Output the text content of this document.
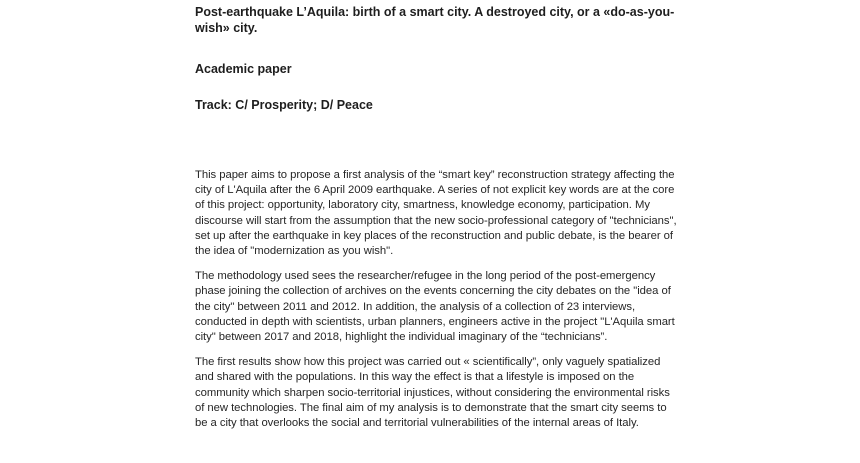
Post-earthquake L’Aquila: birth of a smart city. A destroyed city, or a «do-as-you-wish» city.
Academic paper
Track: C/ Prosperity; D/ Peace

This paper aims to propose a first analysis of the “smart key” reconstruction strategy affecting the city of L'Aquila after the 6 April 2009 earthquake. A series of not explicit key words are at the core of this project: opportunity, laboratory city, smartness, knowledge economy, participation. My discourse will start from the assumption that the new socio-professional category of "technicians", set up after the earthquake in key places of the reconstruction and public debate, is the bearer of the idea of "modernization as you wish".

The methodology used sees the researcher/refugee in the long period of the post-emergency phase joining the collection of archives on the events concerning the city debates on the "idea of the city" between 2011 and 2012. In addition, the analysis of a collection of 23 interviews, conducted in depth with scientists, urban planners, engineers active in the project "L'Aquila smart city" between 2017 and 2018, highlight the individual imaginary of the “technicians”.

The first results show how this project was carried out « scientifically”, only vaguely spatialized and shared with the populations. In this way the effect is that a lifestyle is imposed on the community which sharpen socio-territorial injustices, without considering the environmental risks of new technologies. The final aim of my analysis is to demonstrate that the smart city seems to be a city that overlooks the social and territorial vulnerabilities of the internal areas of Italy.
